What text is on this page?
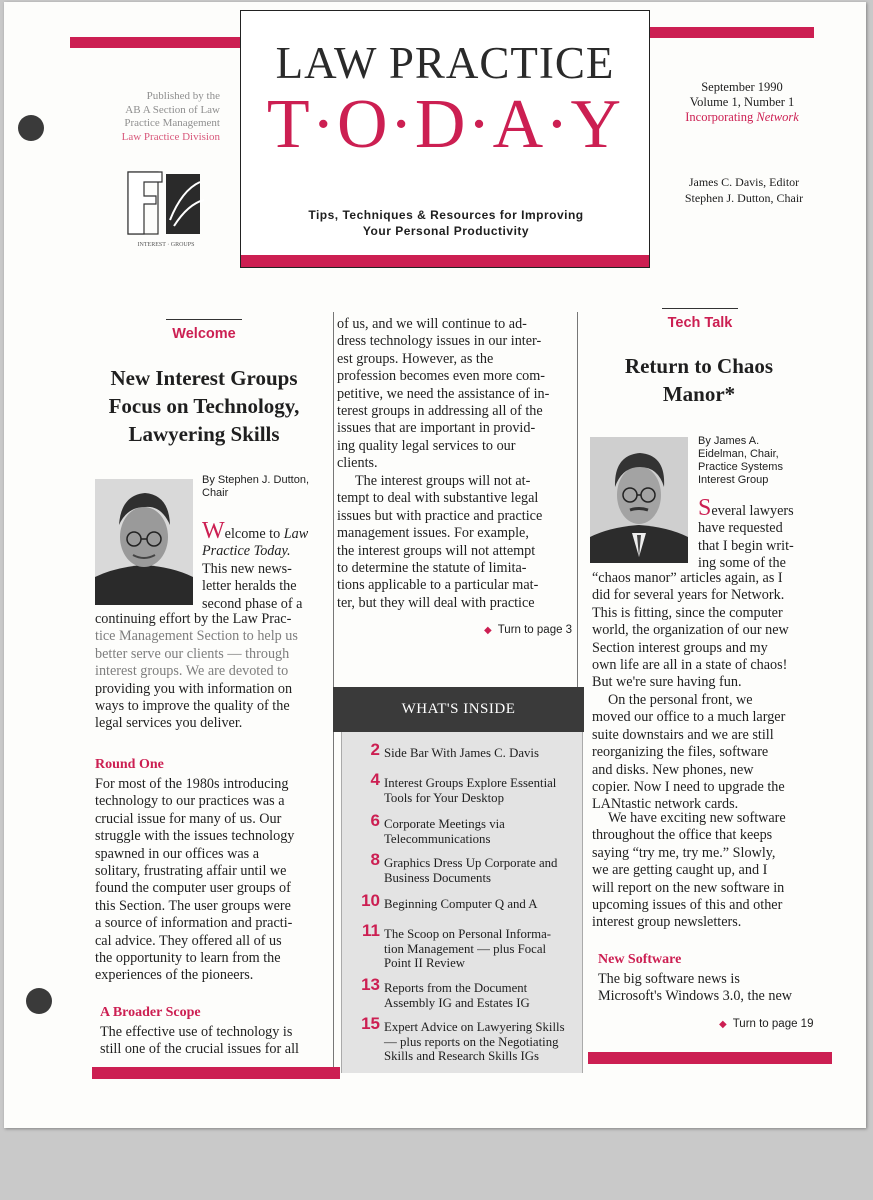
Published by the
AB A Section of Law
Practice Management
Law Practice Division
INTEREST · GROUPS
LAW PRACTICE
T·O·D·A·Y
Tips, Techniques & Resources for Improving
Your Personal Productivity
September 1990
Volume 1, Number 1
Incorporating Network
James C. Davis, Editor
Stephen J. Dutton, Chair
Welcome
New Interest Groups
Focus on Technology,
Lawyering Skills
By Stephen J. Dutton,
Chair
Welcome to Law
Practice Today.
This new news-
letter heralds the
second phase of a
continuing effort by the Law Prac-
tice Management Section to help us
better serve our clients — through
interest groups. We are devoted to
providing you with information on
ways to improve the quality of the
legal services you deliver.
Round One
For most of the 1980s introducing
technology to our practices was a
crucial issue for many of us. Our
struggle with the issues technology
spawned in our offices was a
solitary, frustrating affair until we
found the computer user groups of
this Section. The user groups were
a source of information and practi-
cal advice. They offered all of us
the opportunity to learn from the
experiences of the pioneers.
A Broader Scope
The effective use of technology is
still one of the crucial issues for all
of us, and we will continue to ad-
dress technology issues in our inter-
est groups. However, as the
profession becomes even more com-
petitive, we need the assistance of in-
terest groups in addressing all of the
issues that are important in provid-
ing quality legal services to our
clients.
The interest groups will not at-
tempt to deal with substantive legal
issues but with practice and practice
management issues. For example,
the interest groups will not attempt
to determine the statute of limita-
tions applicable to a particular mat-
ter, but they will deal with practice
◆ Turn to page 3
WHAT'S INSIDE
2 Side Bar With James C. Davis
4 Interest Groups Explore Essential
Tools for Your Desktop
6 Corporate Meetings via
Telecommunications
8 Graphics Dress Up Corporate and
Business Documents
10 Beginning Computer Q and A
11 The Scoop on Personal Informa-
tion Management — plus Focal
Point II Review
13 Reports from the Document
Assembly IG and Estates IG
15 Expert Advice on Lawyering Skills
— plus reports on the Negotiating
Skills and Research Skills IGs
Tech Talk
Return to Chaos
Manor*
By James A.
Eidelman, Chair,
Practice Systems
Interest Group
Several lawyers
have requested
that I begin writ-
ing some of the
“chaos manor” articles again, as I
did for several years for Network.
This is fitting, since the computer
world, the organization of our new
Section interest groups and my
own life are all in a state of chaos!
But we're sure having fun.
On the personal front, we
moved our office to a much larger
suite downstairs and we are still
reorganizing the files, software
and disks. New phones, new
copier. Now I need to upgrade the
LANtastic network cards.
We have exciting new software
throughout the office that keeps
saying “try me, try me.” Slowly,
we are getting caught up, and I
will report on the new software in
upcoming issues of this and other
interest group newsletters.
New Software
The big software news is
Microsoft's Windows 3.0, the new
◆ Turn to page 19
